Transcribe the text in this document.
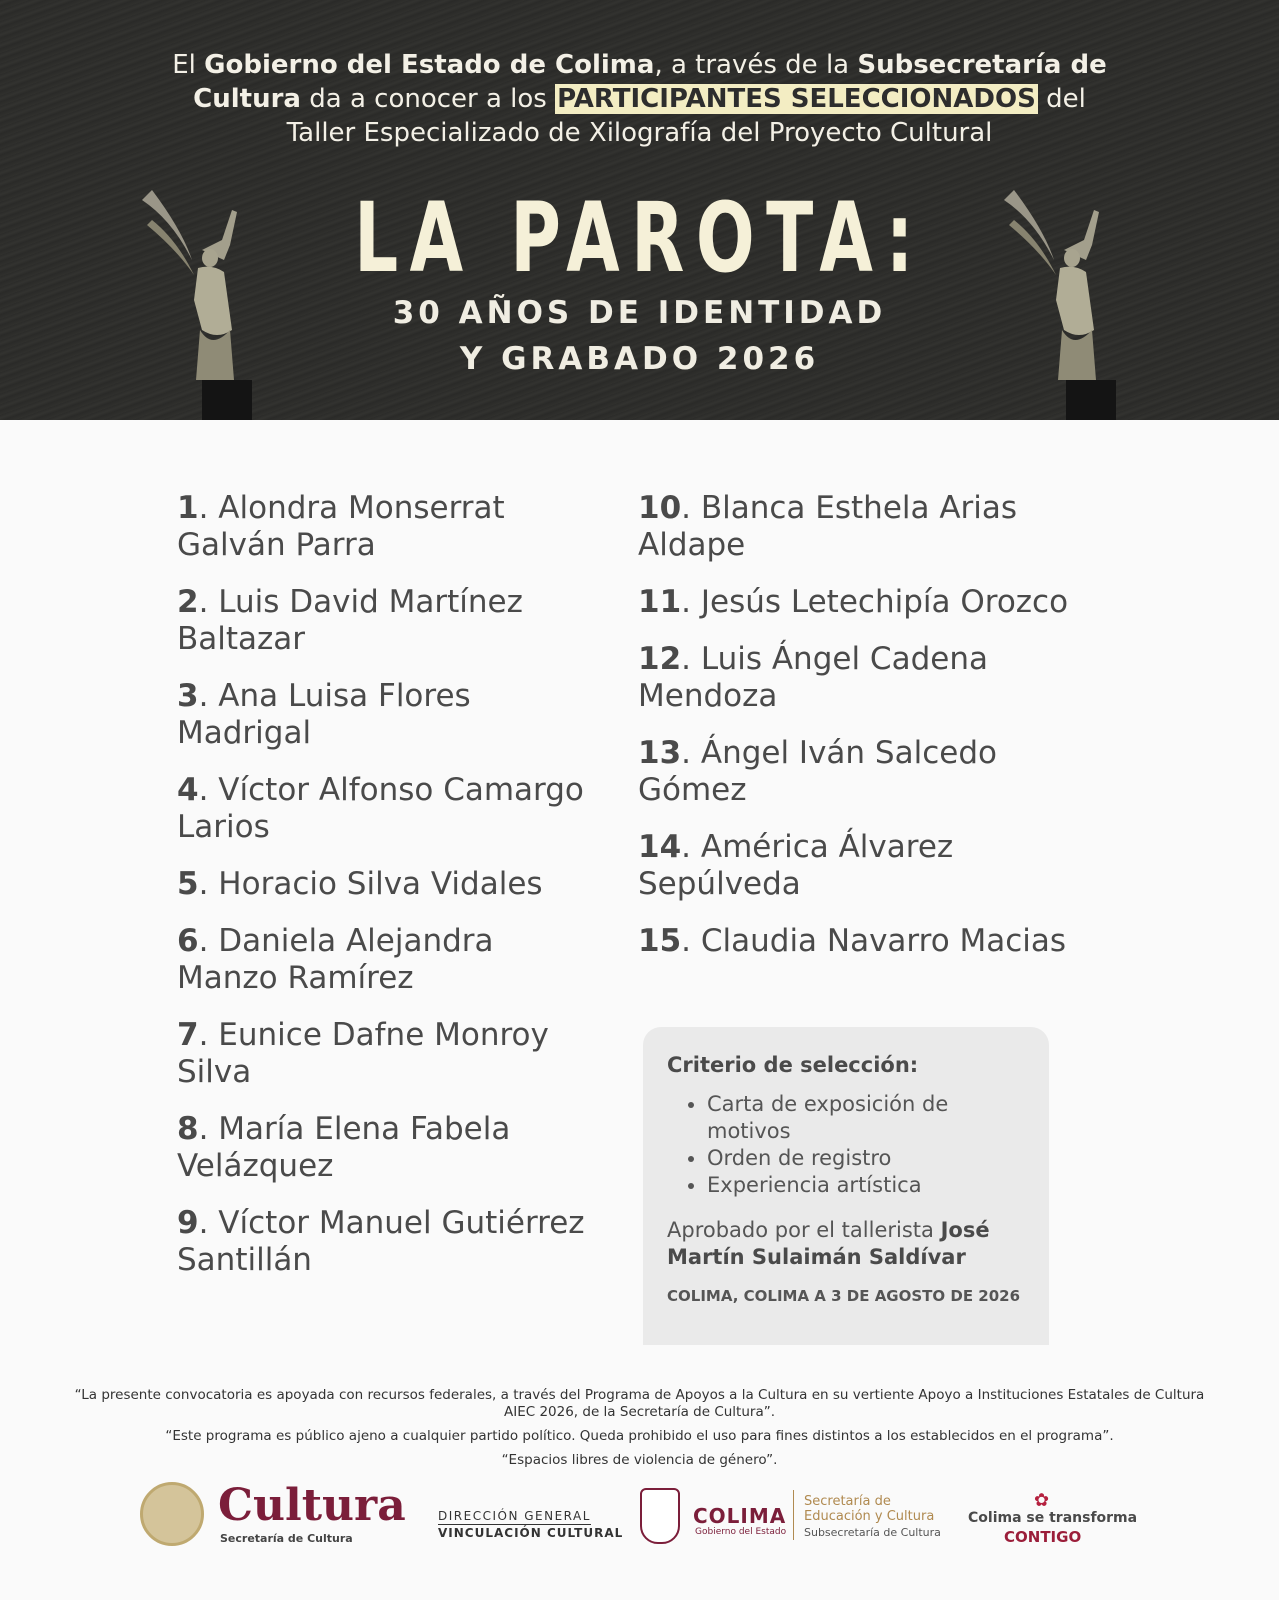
El Gobierno del Estado de Colima, a través de la Subsecretaría de
Cultura da a conocer a los PARTICIPANTES SELECCIONADOS del
Taller Especializado de Xilografía del Proyecto Cultural
LA PAROTA:
30 AÑOS DE IDENTIDAD
Y GRABADO 2026
1. Alondra Monserrat Galván Parra
2. Luis David Martínez Baltazar
3. Ana Luisa Flores Madrigal
4. Víctor Alfonso Camargo Larios
5. Horacio Silva Vidales
6. Daniela Alejandra Manzo Ramírez
7. Eunice Dafne Monroy Silva
8. María Elena Fabela Velázquez
9. Víctor Manuel Gutiérrez Santillán
10. Blanca Esthela Arias Aldape
11. Jesús Letechipía Orozco
12. Luis Ángel Cadena Mendoza
13. Ángel Iván Salcedo Gómez
14. América Álvarez Sepúlveda
15. Claudia Navarro Macias
Criterio de selección:
• Carta de exposición de motivos
• Orden de registro
• Experiencia artística
Aprobado por el tallerista José Martín Sulaimán Saldívar
COLIMA, COLIMA A 3 DE AGOSTO DE 2026

“La presente convocatoria es apoyada con recursos federales, a través del Programa de Apoyos a la Cultura en su vertiente Apoyo a Instituciones Estatales de Cultura AIEC 2026, de la Secretaría de Cultura”.

“Este programa es público ajeno a cualquier partido político. Queda prohibido el uso para fines distintos a los establecidos en el programa”.

“Espacios libres de violencia de género”.

Cultura
Secretaría de Cultura
DIRECCIÓN GENERAL
VINCULACIÓN CULTURAL
COLIMA
Gobierno del Estado
Secretaría de
Educación y Cultura
Subsecretaría de Cultura
✿
Colima se transforma
CONTIGO
